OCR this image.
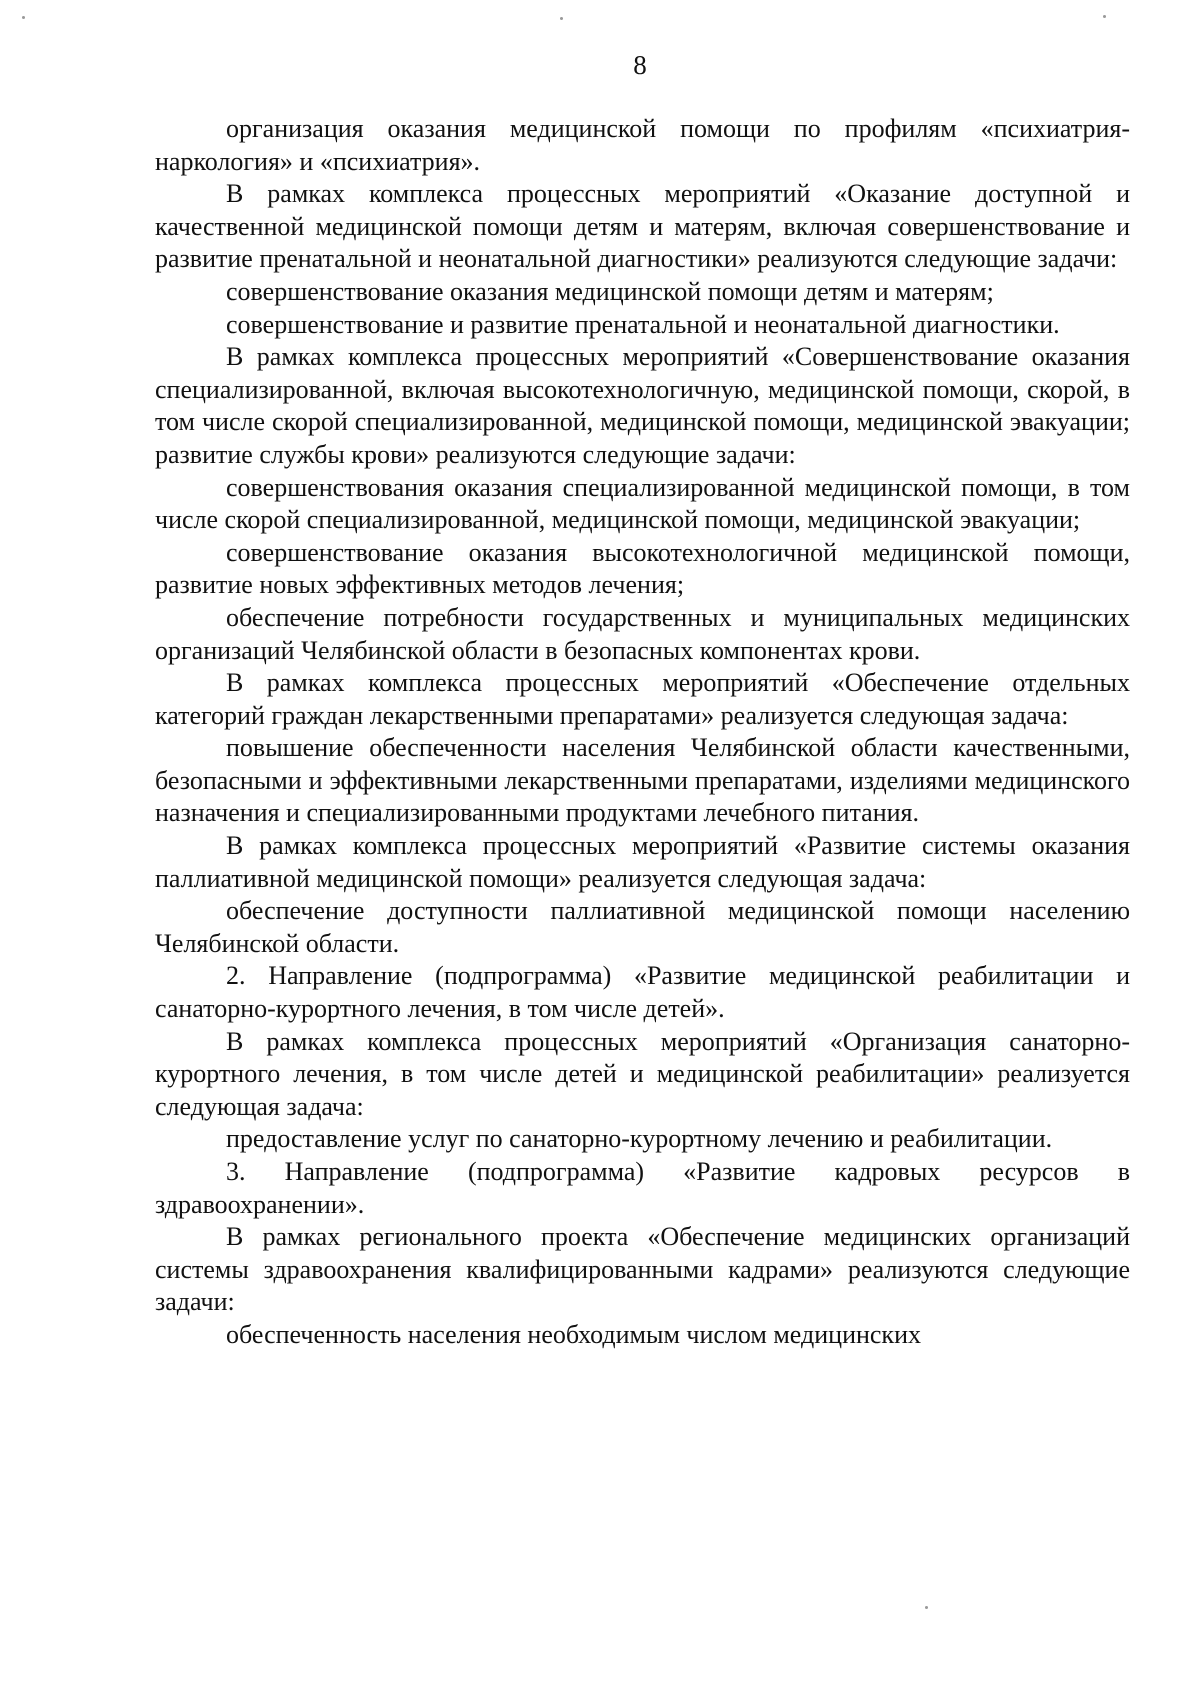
8

организация оказания медицинской помощи по профилям «психиатрия-наркология» и «психиатрия».

В рамках комплекса процессных мероприятий «Оказание доступной и качественной медицинской помощи детям и матерям, включая совершенствование и развитие пренатальной и неонатальной диагностики» реализуются следующие задачи:

совершенствование оказания медицинской помощи детям и матерям;

совершенствование и развитие пренатальной и неонатальной диагностики.

В рамках комплекса процессных мероприятий «Совершенствование оказания специализированной, включая высокотехнологичную, медицинской помощи, скорой, в том числе скорой специализированной, медицинской помощи, медицинской эвакуации; развитие службы крови» реализуются следующие задачи:

совершенствования оказания специализированной медицинской помощи, в том числе скорой специализированной, медицинской помощи, медицинской эвакуации;

совершенствование оказания высокотехнологичной медицинской помощи, развитие новых эффективных методов лечения;

обеспечение потребности государственных и муниципальных медицинских организаций Челябинской области в безопасных компонентах крови.

В рамках комплекса процессных мероприятий «Обеспечение отдельных категорий граждан лекарственными препаратами» реализуется следующая задача:

повышение обеспеченности населения Челябинской области качественными, безопасными и эффективными лекарственными препаратами, изделиями медицинского назначения и специализированными продуктами лечебного питания.

В рамках комплекса процессных мероприятий «Развитие системы оказания паллиативной медицинской помощи» реализуется следующая задача:

обеспечение доступности паллиативной медицинской помощи населению Челябинской области.

2. Направление (подпрограмма) «Развитие медицинской реабилитации и санаторно-курортного лечения, в том числе детей».

В рамках комплекса процессных мероприятий «Организация санаторно-курортного лечения, в том числе детей и медицинской реабилитации» реализуется следующая задача:

предоставление услуг по санаторно-курортному лечению и реабилитации.

3. Направление (подпрограмма) «Развитие кадровых ресурсов в здравоохранении».

В рамках регионального проекта «Обеспечение медицинских организаций системы здравоохранения квалифицированными кадрами» реализуются следующие задачи:

обеспеченность населения необходимым числом медицинских
